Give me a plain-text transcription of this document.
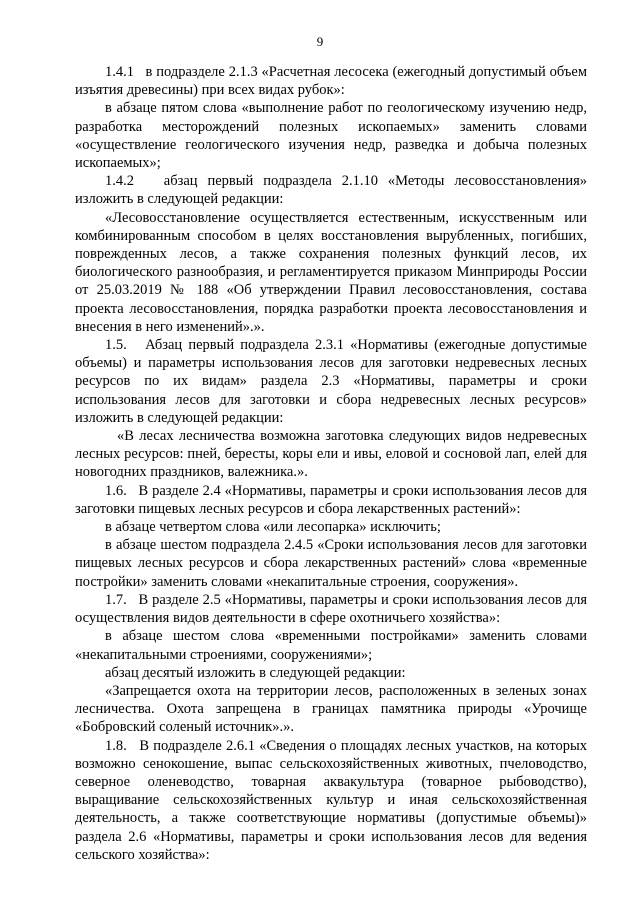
9

1.4.1   в подразделе 2.1.3 «Расчетная лесосека (ежегодный допустимый объем изъятия древесины) при всех видах рубок»:

в абзаце пятом слова «выполнение работ по геологическому изучению недр, разработка месторождений полезных ископаемых» заменить словами «осуществление геологического изучения недр, разведка и добыча полезных ископаемых»;

1.4.2   абзац первый подраздела 2.1.10 «Методы лесовосстановления» изложить в следующей редакции:

«Лесовосстановление осуществляется естественным, искусственным или комбинированным способом в целях восстановления вырубленных, погибших, поврежденных лесов, а также сохранения полезных функций лесов, их биологического разнообразия, и регламентируется приказом Минприроды России от 25.03.2019 № 188 «Об утверждении Правил лесовосстановления, состава проекта лесовосстановления, порядка разработки проекта лесовосстановления и внесения в него изменений».».

1.5.   Абзац первый подраздела 2.3.1 «Нормативы (ежегодные допустимые объемы) и параметры использования лесов для заготовки недревесных лесных ресурсов по их видам» раздела 2.3 «Нормативы, параметры и сроки использования лесов для заготовки и сбора недревесных лесных ресурсов» изложить в следующей редакции:

«В лесах лесничества возможна заготовка следующих видов недревесных лесных ресурсов: пней, бересты, коры ели и ивы, еловой и сосновой лап, елей для новогодних праздников, валежника.».

1.6.   В разделе 2.4 «Нормативы, параметры и сроки использования лесов для заготовки пищевых лесных ресурсов и сбора лекарственных растений»:

в абзаце четвертом слова «или лесопарка» исключить;

в абзаце шестом подраздела 2.4.5 «Сроки использования лесов для заготовки пищевых лесных ресурсов и сбора лекарственных растений» слова «временные постройки» заменить словами «некапитальные строения, сооружения».

1.7.   В разделе 2.5 «Нормативы, параметры и сроки использования лесов для осуществления видов деятельности в сфере охотничьего хозяйства»:

в абзаце шестом слова «временными постройками» заменить словами «некапитальными строениями, сооружениями»;

абзац десятый изложить в следующей редакции:

«Запрещается охота на территории лесов, расположенных в зеленых зонах лесничества. Охота запрещена в границах памятника природы «Урочище «Бобровский соленый источник».».

1.8.   В подразделе 2.6.1 «Сведения о площадях лесных участков, на которых возможно сенокошение, выпас сельскохозяйственных животных, пчеловодство, северное оленеводство, товарная аквакультура (товарное рыбоводство), выращивание сельскохозяйственных культур и иная сельскохозяйственная деятельность, а также соответствующие нормативы (допустимые объемы)» раздела 2.6 «Нормативы, параметры и сроки использования лесов для ведения сельского хозяйства»:
